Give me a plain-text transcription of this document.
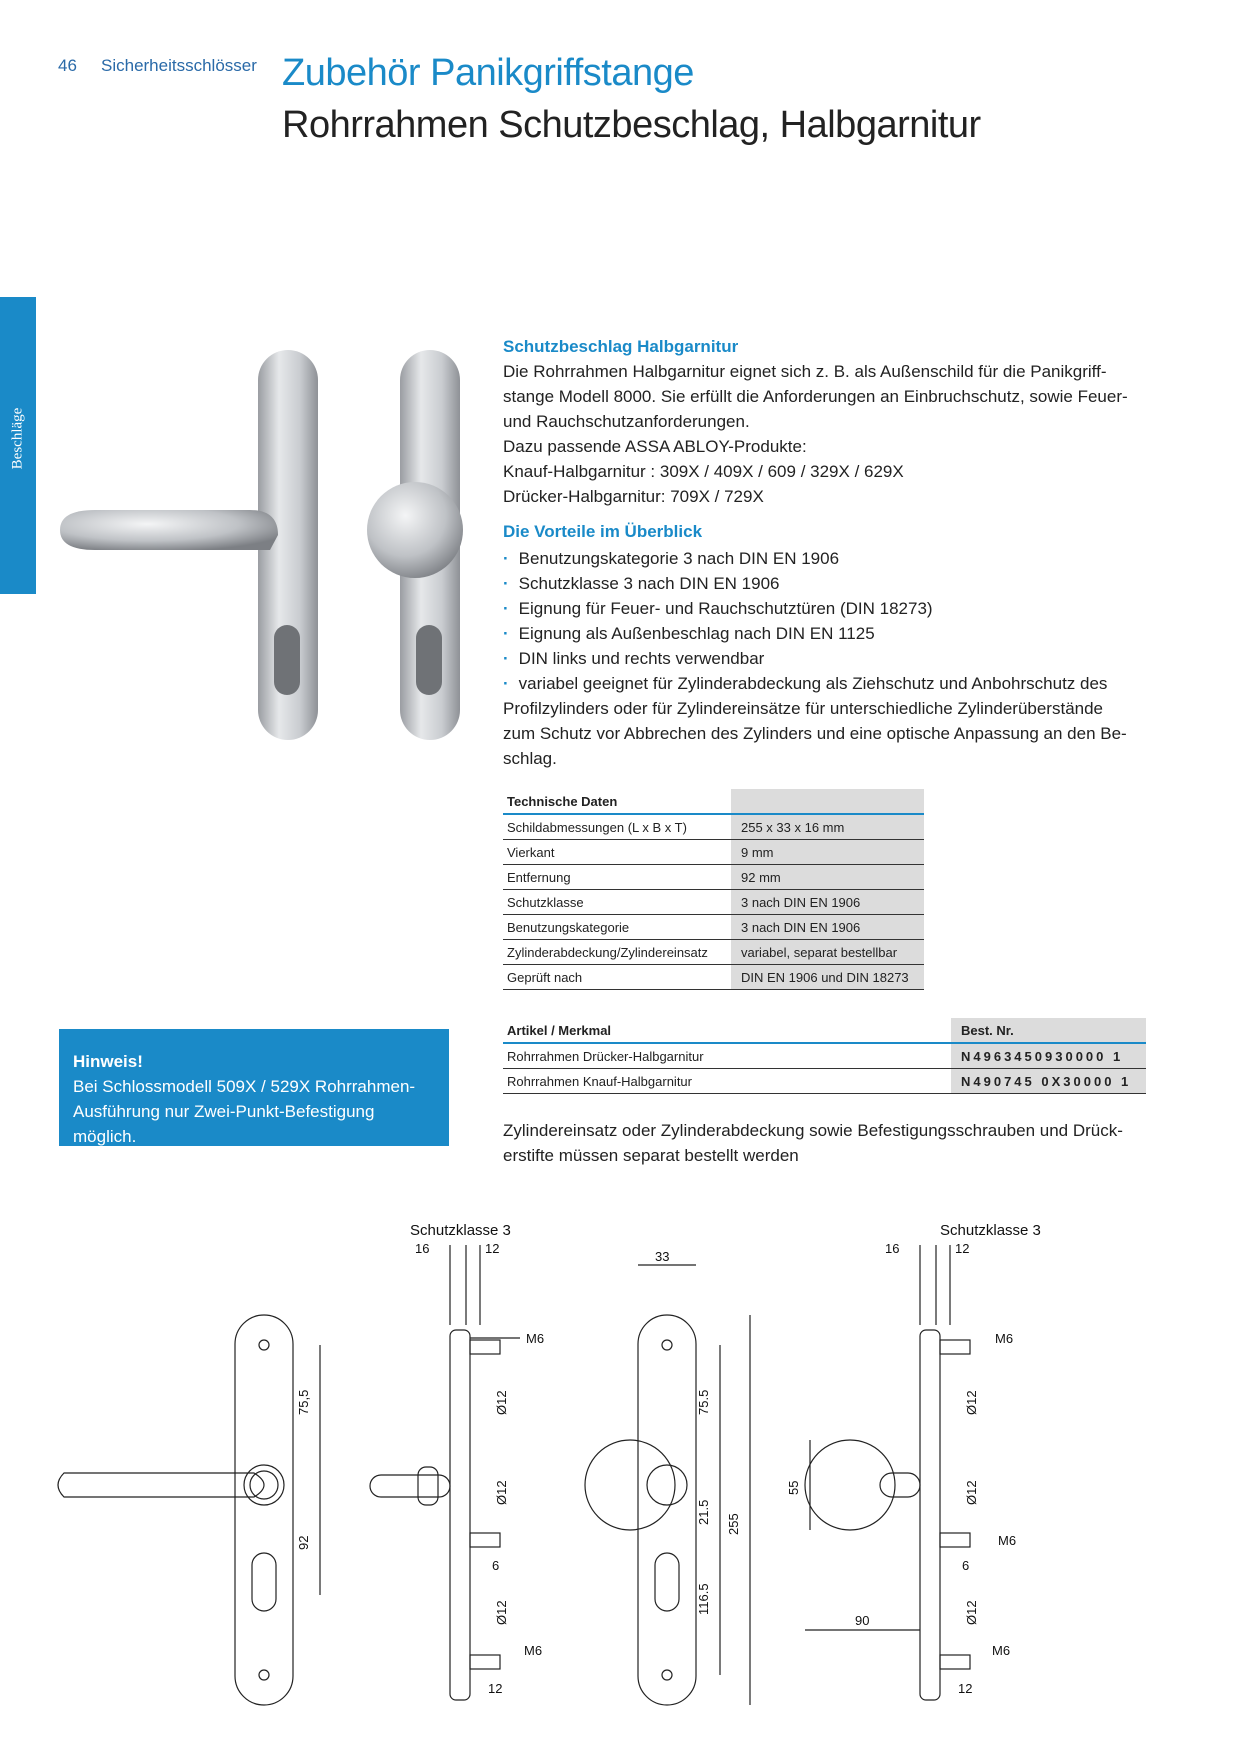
46 Sicherheitsschlösser Zubehör Panikgriffstange
Rohrrahmen Schutzbeschlag, Halbgarnitur
Beschläge
Schutzbeschlag Halbgarnitur
Die Rohrrahmen Halbgarnitur eignet sich z. B. als Außenschild für die Panikgriff-
stange Modell 8000. Sie erfüllt die Anforderungen an Einbruchschutz, sowie Feuer-
und Rauchschutzanforderungen.
Dazu passende ASSA ABLOY-Produkte:
Knauf-Halbgarnitur : 309X / 409X / 609 / 329X / 629X
Drücker-Halbgarnitur: 709X / 729X
Die Vorteile im Überblick
· Benutzungskategorie 3 nach DIN EN 1906
· Schutzklasse 3 nach DIN EN 1906
· Eignung für Feuer- und Rauchschutztüren (DIN 18273)
· Eignung als Außenbeschlag nach DIN EN 1125
· DIN links und rechts verwendbar
· variabel geeignet für Zylinderabdeckung als Ziehschutz und Anbohrschutz des
Profilzylinders oder für Zylindereinsätze für unterschiedliche Zylinderüberstände
zum Schutz vor Abbrechen des Zylinders und eine optische Anpassung an den Be-
schlag.
Technische Daten	
Schildabmessungen (L x B x T)	255 x 33 x 16 mm
Vierkant	9 mm
Entfernung	92 mm
Schutzklasse	3 nach DIN EN 1906
Benutzungskategorie	3 nach DIN EN 1906
Zylinderabdeckung/Zylindereinsatz	variabel, separat bestellbar
Geprüft nach	DIN EN 1906 und DIN 18273
Hinweis!
Bei Schlossmodell 509X / 529X Rohrrahmen-
Ausführung nur Zwei-Punkt-Befestigung möglich.
Artikel / Merkmal	Best. Nr.
Rohrrahmen Drücker-Halbgarnitur	N4963450930000 1
Rohrrahmen Knauf-Halbgarnitur	N490745 0X30000 1
Zylindereinsatz oder Zylinderabdeckung sowie Befestigungsschrauben und Drück-
erstifte müssen separat bestellt werden
Schutzklasse 3	Schutzklasse 3
75,5
92
16	12
M6
Ø12
Ø12
6
Ø12
M6
12
33
75.5
21.5 255
116.5
55
90
16	12
M6
Ø12
Ø12
M6
6
Ø12
M6
12
